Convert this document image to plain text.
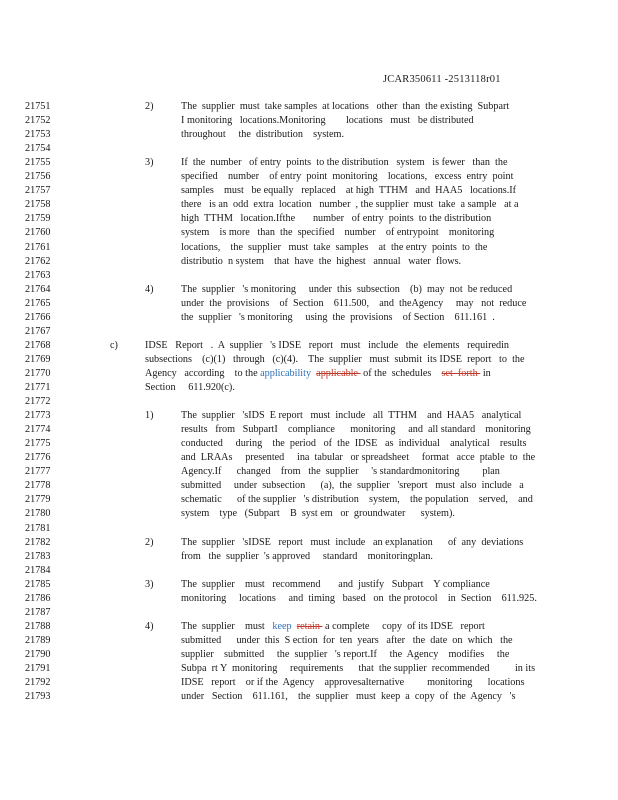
JCAR350611 -2513118r01
21751	2)	The  supplier  must  take samples  at locations   other  than  the existing  Subpart
21752	I monitoring   locations.Monitoring        locations   must   be distributed
21753	throughout     the  distribution    system.
21754
21755	3)	If  the  number   of entry  points  to the distribution   system   is fewer   than  the
21756	specified    number    of entry  point  monitoring    locations,   excess  entry  point
21757	samples    must   be equally   replaced    at high  TTHM   and  HAA5   locations.If
21758	there   is an  odd  extra  location   number  , the supplier  must  take  a sample   at a
21759	high  TTHM   location.Ifthe       number   of entry  points  to the distribution
21760	system    is more   than  the  specified    number    of entrypoint    monitoring
21761	locations,    the  supplier   must  take  samples    at  the entry  points  to  the
21762	distributio  n system    that  have  the  highest   annual   water  flows.
21763
21764	4)	The  supplier   's monitoring     under  this  subsection    (b)  may  not  be reduced
21765	under  the  provisions    of  Section    611.500,    and  theAgency     may   not  reduce
21766	the  supplier   's monitoring     using  the  provisions    of Section    611.161  .
21767
21768	c)	IDSE   Report   .  A  supplier   's IDSE   report   must   include   the  elements   requiredin
21769	subsections    (c)(1)   through   (c)(4).    The  supplier   must  submit  its IDSE  report   to  the
21770	Agency   according    to the applicability applicable  of the  schedules    set  forth  in
21771	Section     611.920(c).
21772
21773	1)	The  supplier   'sIDS  E report   must  include   all  TTHM    and  HAA5   analytical
21774	results   from   SubpartI    compliance      monitoring     and  all standard    monitoring
21775	conducted     during    the  period   of  the  IDSE   as  individual    analytical    results
21776	and  LRAAs     presented     ina  tabular   or spreadsheet     format   acce  ptable  to  the
21777	Agency.If      changed    from   the  supplier     's standardmonitoring         plan
21778	submitted     under  subsection      (a),  the  supplier   'sreport   must  also  include   a
21779	schematic      of the supplier   's distribution    system,    the population    served,    and
21780	system    type   (Subpart    B  syst em   or  groundwater      system).
21781
21782	2)	The  supplier   'sIDSE   report   must  include   an explanation      of  any  deviations
21783	from   the  supplier  's approved     standard    monitoringplan.
21784
21785	3)	The  supplier    must   recommend       and  justify   Subpart    Y compliance
21786	monitoring     locations     and  timing   based   on  the protocol    in  Section    611.925.
21787
21788	4)	The  supplier    must   keep retain  a complete     copy  of its IDSE   report
21789	submitted      under  this  S ection  for  ten  years   after   the  date  on  which   the
21790	supplier    submitted     the  supplier   's report.If     the  Agency    modifies     the
21791	Subpa  rt Y  monitoring     requirements      that  the supplier  recommended          in its
21792	IDSE   report    or if the  Agency    approvesalternative         monitoring      locations
21793	under   Section    611.161,    the  supplier   must  keep  a  copy  of  the  Agency   's
